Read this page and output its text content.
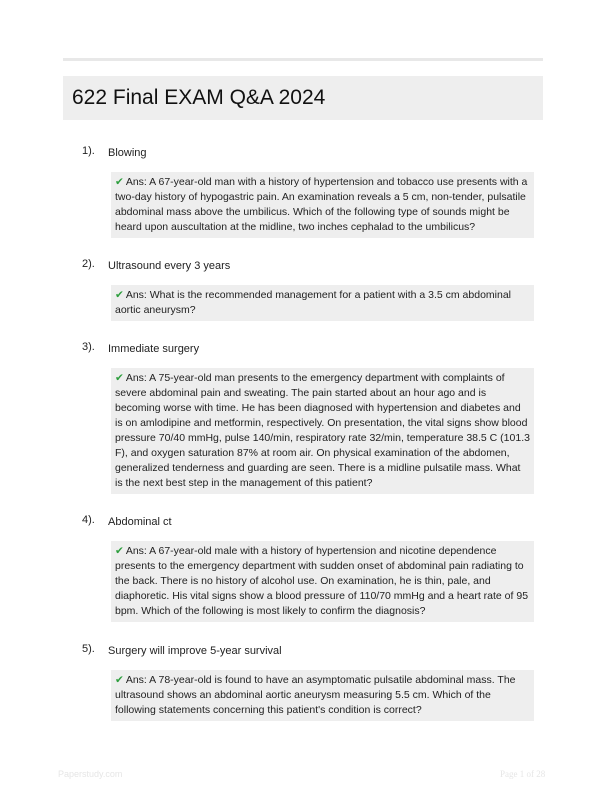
622 Final EXAM Q&A 2024
1). Blowing
✔ Ans: A 67-year-old man with a history of hypertension and tobacco use presents with a two-day history of hypogastric pain. An examination reveals a 5 cm, non-tender, pulsatile abdominal mass above the umbilicus. Which of the following type of sounds might be heard upon auscultation at the midline, two inches cephalad to the umbilicus?
2). Ultrasound every 3 years
✔ Ans: What is the recommended management for a patient with a 3.5 cm abdominal aortic aneurysm?
3). Immediate surgery
✔ Ans: A 75-year-old man presents to the emergency department with complaints of severe abdominal pain and sweating. The pain started about an hour ago and is becoming worse with time. He has been diagnosed with hypertension and diabetes and is on amlodipine and metformin, respectively. On presentation, the vital signs show blood pressure 70/40 mmHg, pulse 140/min, respiratory rate 32/min, temperature 38.5 C (101.3 F), and oxygen saturation 87% at room air. On physical examination of the abdomen, generalized tenderness and guarding are seen. There is a midline pulsatile mass. What is the next best step in the management of this patient?
4). Abdominal ct
✔ Ans: A 67-year-old male with a history of hypertension and nicotine dependence presents to the emergency department with sudden onset of abdominal pain radiating to the back. There is no history of alcohol use. On examination, he is thin, pale, and diaphoretic. His vital signs show a blood pressure of 110/70 mmHg and a heart rate of 95 bpm. Which of the following is most likely to confirm the diagnosis?
5). Surgery will improve 5-year survival
✔ Ans: A 78-year-old is found to have an asymptomatic pulsatile abdominal mass. The ultrasound shows an abdominal aortic aneurysm measuring 5.5 cm. Which of the following statements concerning this patient's condition is correct?
Paperstudy.com	Page 1 of 28
